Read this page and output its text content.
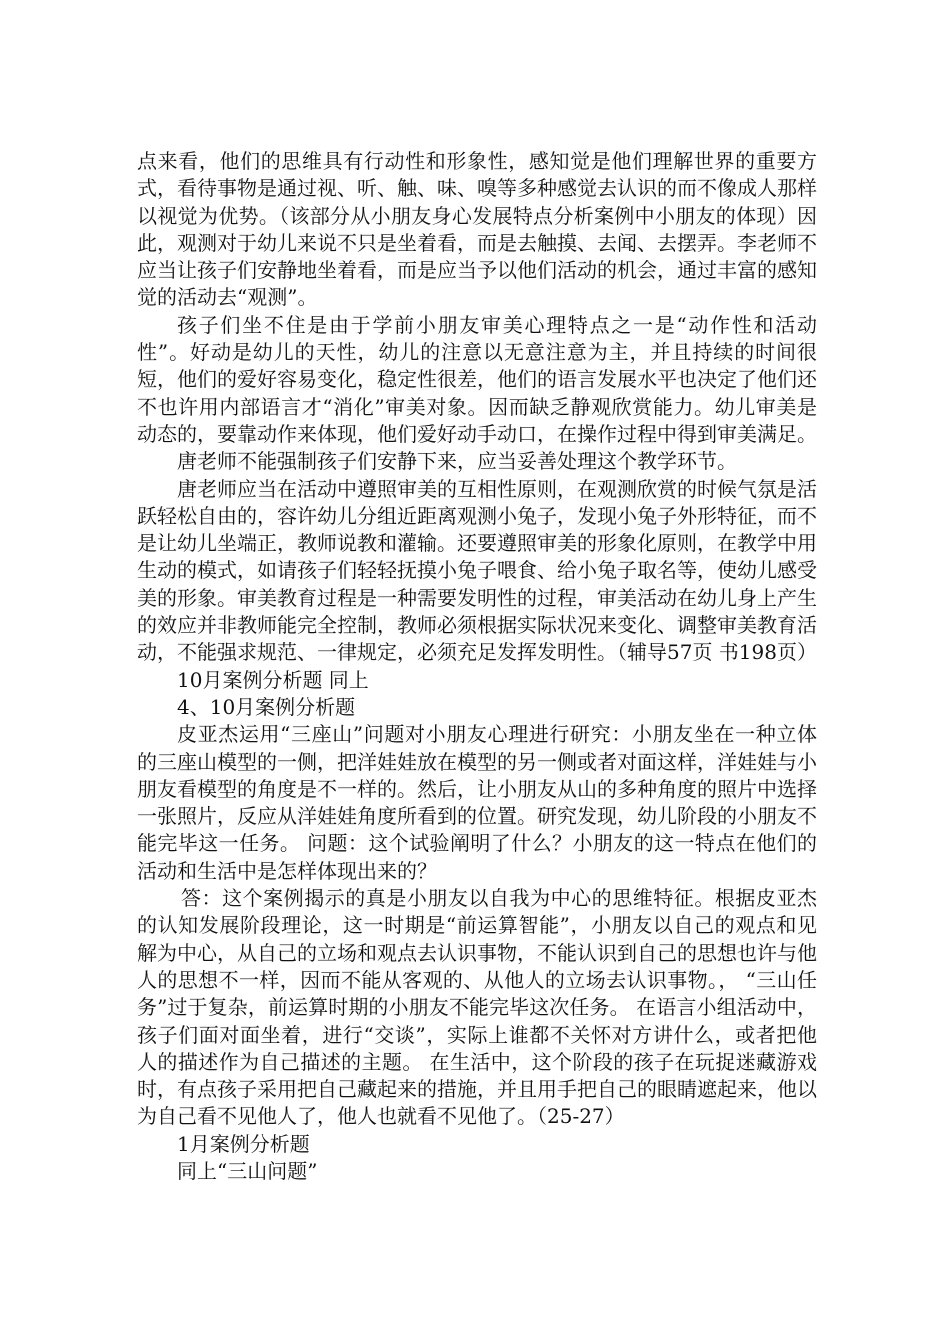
点来看，他们的思维具有行动性和形象性，感知觉是他们理解世界的重要方式，看待事物是通过视、听、触、味、嗅等多种感觉去认识的而不像成人那样以视觉为优势。（该部分从小朋友身心发展特点分析案例中小朋友的体现）因此，观测对于幼儿来说不只是坐着看，而是去触摸、去闻、去摆弄。李老师不应当让孩子们安静地坐着看，而是应当予以他们活动的机会，通过丰富的感知觉的活动去“观测”。

孩子们坐不住是由于学前小朋友审美心理特点之一是“动作性和活动性”。好动是幼儿的天性，幼儿的注意以无意注意为主，并且持续的时间很短，他们的爱好容易变化，稳定性很差，他们的语言发展水平也决定了他们还不也许用内部语言才“消化”审美对象。因而缺乏静观欣赏能力。幼儿审美是动态的，要靠动作来体现，他们爱好动手动口，在操作过程中得到审美满足。

唐老师不能强制孩子们安静下来，应当妥善处理这个教学环节。

唐老师应当在活动中遵照审美的互相性原则，在观测欣赏的时候气氛是活跃轻松自由的，容许幼儿分组近距离观测小兔子，发现小兔子外形特征，而不是让幼儿坐端正，教师说教和灌输。还要遵照审美的形象化原则，在教学中用生动的模式，如请孩子们轻轻抚摸小兔子喂食、给小兔子取名等，使幼儿感受美的形象。审美教育过程是一种需要发明性的过程，审美活动在幼儿身上产生的效应并非教师能完全控制，教师必须根据实际状况来变化、调整审美教育活动，不能强求规范、一律规定，必须充足发挥发明性。（辅导57页 书198页）

10月案例分析题 同上

4、10月案例分析题

皮亚杰运用“三座山”问题对小朋友心理进行研究：小朋友坐在一种立体的三座山模型的一侧，把洋娃娃放在模型的另一侧或者对面这样，洋娃娃与小朋友看模型的角度是不一样的。然后，让小朋友从山的多种角度的照片中选择一张照片，反应从洋娃娃角度所看到的位置。研究发现，幼儿阶段的小朋友不能完毕这一任务。 问题：这个试验阐明了什么？小朋友的这一特点在他们的活动和生活中是怎样体现出来的？

答：这个案例揭示的真是小朋友以自我为中心的思维特征。根据皮亚杰的认知发展阶段理论，这一时期是“前运算智能”，小朋友以自己的观点和见解为中心，从自己的立场和观点去认识事物，不能认识到自己的思想也许与他人的思想不一样，因而不能从客观的、从他人的立场去认识事物。， “三山任务”过于复杂，前运算时期的小朋友不能完毕这次任务。 在语言小组活动中，孩子们面对面坐着，进行“交谈”，实际上谁都不关怀对方讲什么，或者把他人的描述作为自己描述的主题。 在生活中，这个阶段的孩子在玩捉迷藏游戏时，有点孩子采用把自己藏起来的措施，并且用手把自己的眼睛遮起来，他以为自己看不见他人了，他人也就看不见他了。（25-27）

1月案例分析题

同上“三山问题”
